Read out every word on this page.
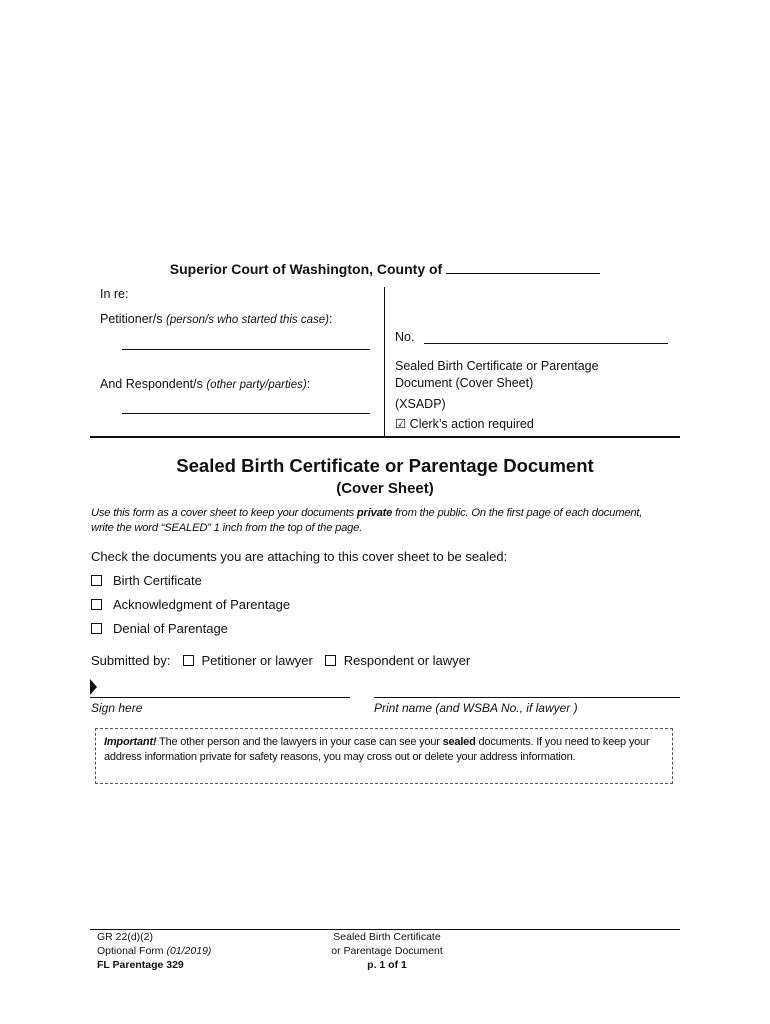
Superior Court of Washington, County of
In re:
Petitioner/s (person/s who started this case):
And Respondent/s (other party/parties):
No.
Sealed Birth Certificate or Parentage
Document (Cover Sheet)
(XSADP)
☑ Clerk’s action required
Sealed Birth Certificate or Parentage Document
(Cover Sheet)
Use this form as a cover sheet to keep your documents private from the public. On the first page of each document, write the word “SEALED” 1 inch from the top of the page.
Check the documents you are attaching to this cover sheet to be sealed:
Birth Certificate
Acknowledgment of Parentage
Denial of Parentage
Submitted by: Petitioner or lawyer Respondent or lawyer
Sign here	Print name (and WSBA No., if lawyer )
Important! The other person and the lawyers in your case can see your sealed documents. If you need to keep your address information private for safety reasons, you may cross out or delete your address information.
GR 22(d)(2)
Optional Form (01/2019)
FL Parentage 329
Sealed Birth Certificate
or Parentage Document
p. 1 of 1
